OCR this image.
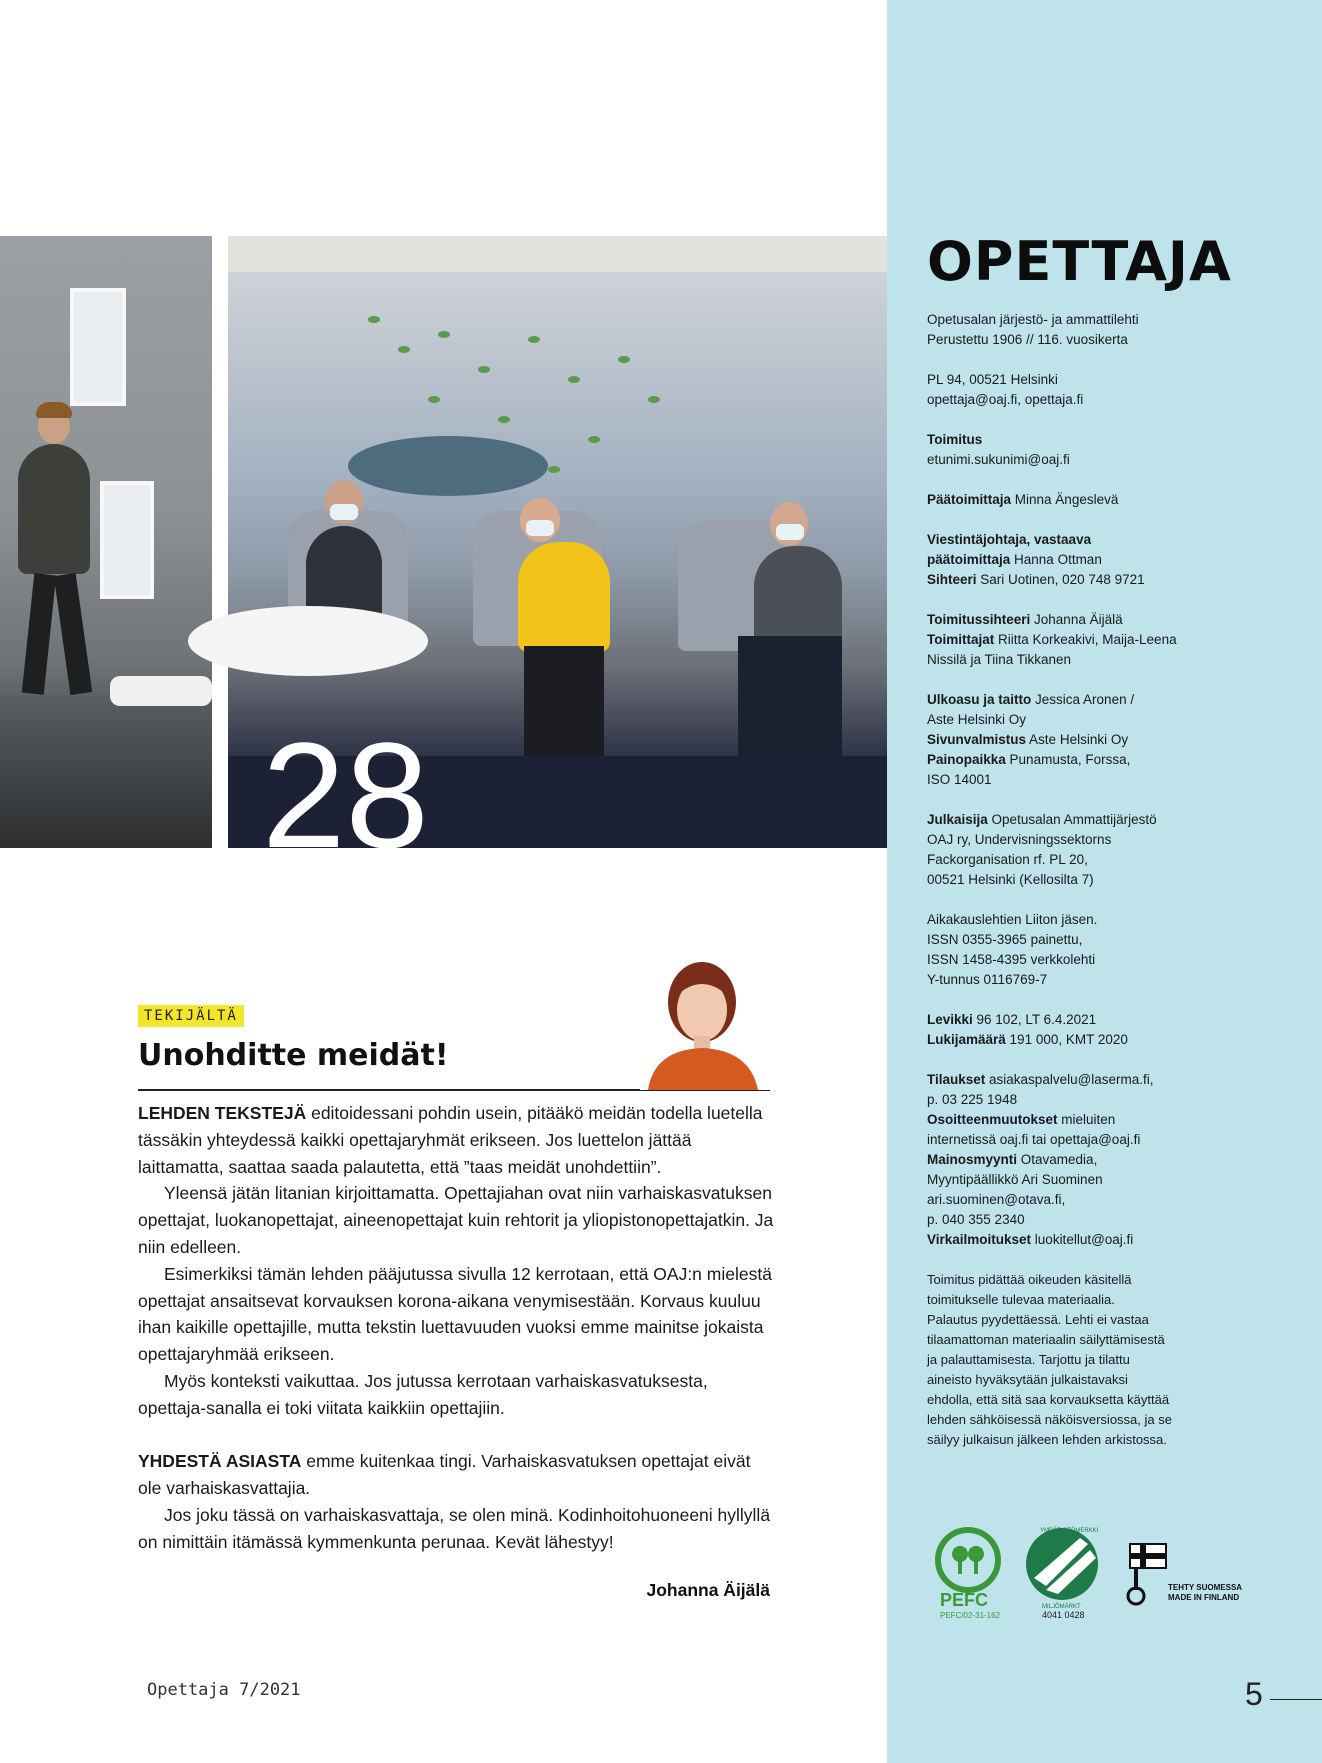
OPETTAJA
Opetusalan järjestö- ja ammattilehti
Perustettu 1906 // 116. vuosikerta
PL 94, 00521 Helsinki
opettaja@oaj.fi, opettaja.fi
Toimitus
etunimi.sukunimi@oaj.fi
Päätoimittaja Minna Ängeslevä
Viestintäjohtaja, vastaava
päätoimittaja Hanna Ottman
Sihteeri Sari Uotinen, 020 748 9721
Toimitussihteeri Johanna Äijälä
Toimittajat Riitta Korkeakivi, Maija-Leena
Nissilä ja Tiina Tikkanen
Ulkoasu ja taitto Jessica Aronen /
Aste Helsinki Oy
Sivunvalmistus Aste Helsinki Oy
Painopaikka Punamusta, Forssa,
ISO 14001
Julkaisija Opetusalan Ammattijärjestö
OAJ ry, Undervisningssektorns
Fackorganisation rf. PL 20,
00521 Helsinki (Kellosilta 7)
Aikakauslehtien Liiton jäsen.
ISSN 0355-3965 painettu,
ISSN 1458-4395 verkkolehti
Y-tunnus 0116769-7
Levikki 96 102, LT 6.4.2021
Lukijamäärä 191 000, KMT 2020
Tilaukset asiakaspalvelu@laserma.fi,
p. 03 225 1948
Osoitteenmuutokset mieluiten
internetissä oaj.fi tai opettaja@oaj.fi
Mainosmyynti Otavamedia,
Myyntipäällikkö Ari Suominen
ari.suominen@otava.fi,
p. 040 355 2340
Virkailmoitukset luokitellut@oaj.fi
Toimitus pidättää oikeuden käsitellä
toimitukselle tulevaa materiaalia.
Palautus pyydettäessä. Lehti ei vastaa
tilaamattoman materiaalin säilyttämisestä
ja palauttamisesta. Tarjottu ja tilattu
aineisto hyväksytään julkaistavaksi
ehdolla, että sitä saa korvauksetta käyttää
lehden sähköisessä näköisversiossa, ja se
säilyy julkaisun jälkeen lehden arkistossa.
28
TEKIJÄLTÄ
Unohditte meidät!

LEHDEN TEKSTEJÄ editoidessani pohdin usein, pitääkö meidän todella luetella tässäkin yhteydessä kaikki opettajaryhmät erikseen. Jos luettelon jättää laittamatta, saattaa saada palautetta, että ”taas meidät unohdettiin”.

Yleensä jätän litanian kirjoittamatta. Opettajiahan ovat niin varhaiskasvatuksen opettajat, luokanopettajat, aineenopettajat kuin rehtorit ja yliopistonopettajatkin. Ja niin edelleen.

Esimerkiksi tämän lehden pääjutussa sivulla 12 kerrotaan, että OAJ:n mielestä opettajat ansaitsevat korvauksen korona-aikana venymisestään. Korvaus kuuluu ihan kaikille opettajille, mutta tekstin luettavuuden vuoksi emme mainitse jokaista opettajaryhmää erikseen.

Myös konteksti vaikuttaa. Jos jutussa kerrotaan varhaiskasvatuksesta, opettaja-sanalla ei toki viitata kaikkiin opettajiin.

YHDESTÄ ASIASTA emme kuitenkaa tingi. Varhaiskasvatuksen opettajat eivät ole varhaiskasvattajia.

Jos joku tässä on varhaiskasvattaja, se olen minä. Kodinhoitohuoneeni hyllyllä on nimittäin itämässä kymmenkunta perunaa. Kevät lähestyy!

Johanna Äijälä	PEFC
PEFC/02-31-162
YMPÄRISTÖMERKKI
MILJÖMÄRKT
4041 0428
TEHTY SUOMESSA
MADE IN FINLAND
Opettaja 7/2021	5
